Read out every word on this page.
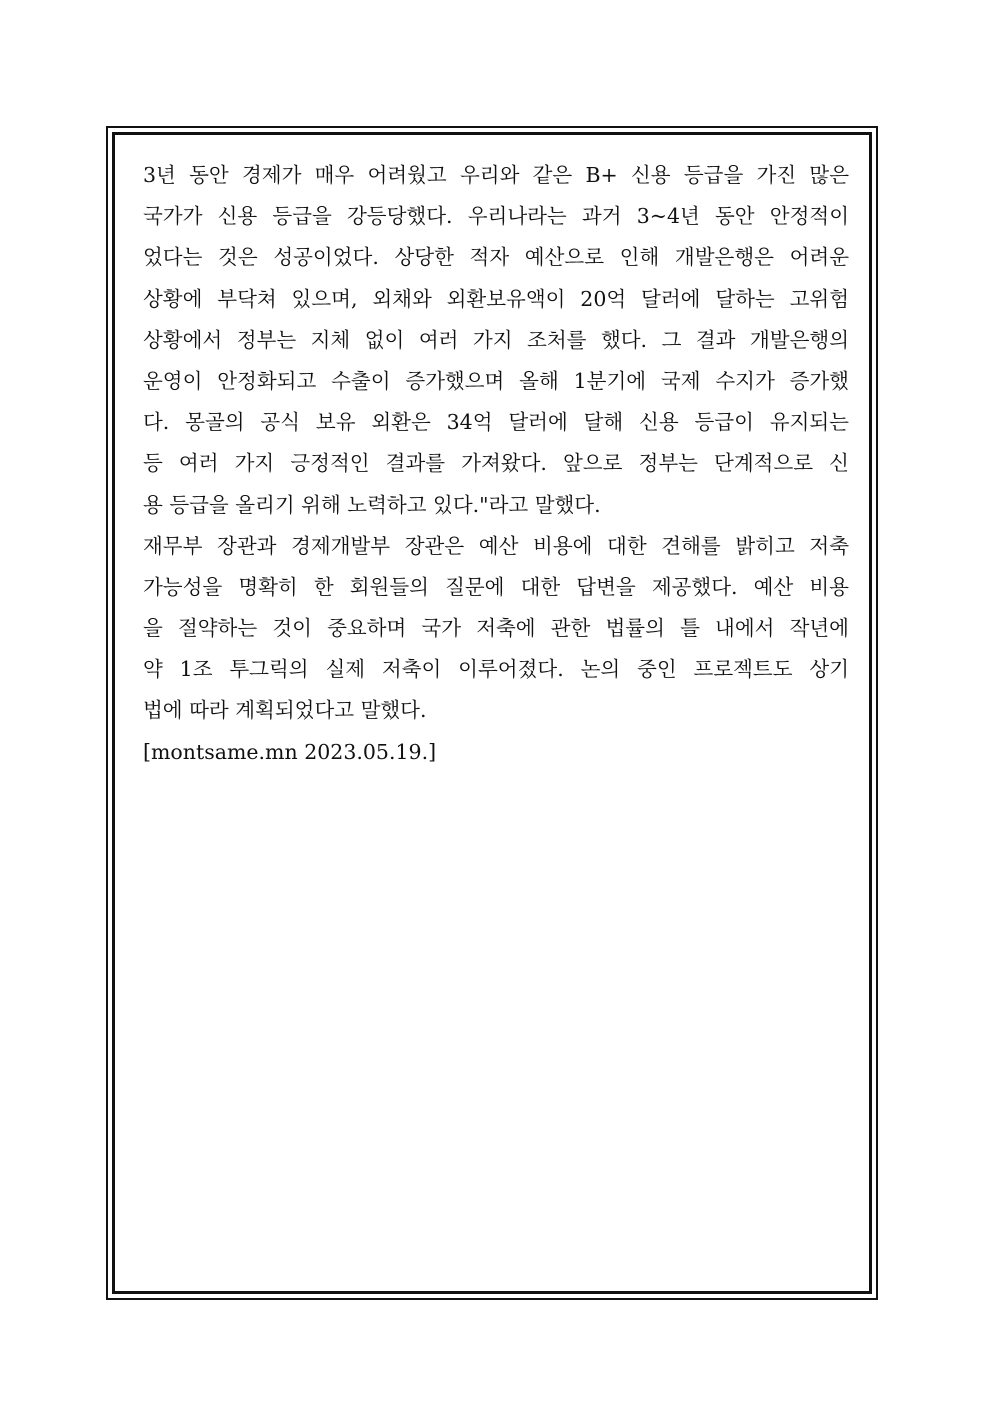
3년 동안 경제가 매우 어려웠고 우리와 같은 B+ 신용 등급을 가진 많은
국가가 신용 등급을 강등당했다. 우리나라는 과거 3~4년 동안 안정적이
었다는 것은 성공이었다. 상당한 적자 예산으로 인해 개발은행은 어려운
상황에 부닥쳐 있으며, 외채와 외환보유액이 20억 달러에 달하는 고위험
상황에서 정부는 지체 없이 여러 가지 조처를 했다. 그 결과 개발은행의
운영이 안정화되고 수출이 증가했으며 올해 1분기에 국제 수지가 증가했
다. 몽골의 공식 보유 외환은 34억 달러에 달해 신용 등급이 유지되는
등 여러 가지 긍정적인 결과를 가져왔다. 앞으로 정부는 단계적으로 신
용 등급을 올리기 위해 노력하고 있다."라고 말했다.
재무부 장관과 경제개발부 장관은 예산 비용에 대한 견해를 밝히고 저축
가능성을 명확히 한 회원들의 질문에 대한 답변을 제공했다. 예산 비용
을 절약하는 것이 중요하며 국가 저축에 관한 법률의 틀 내에서 작년에
약 1조 투그릭의 실제 저축이 이루어졌다. 논의 중인 프로젝트도 상기
법에 따라 계획되었다고 말했다.
[montsame.mn 2023.05.19.]
